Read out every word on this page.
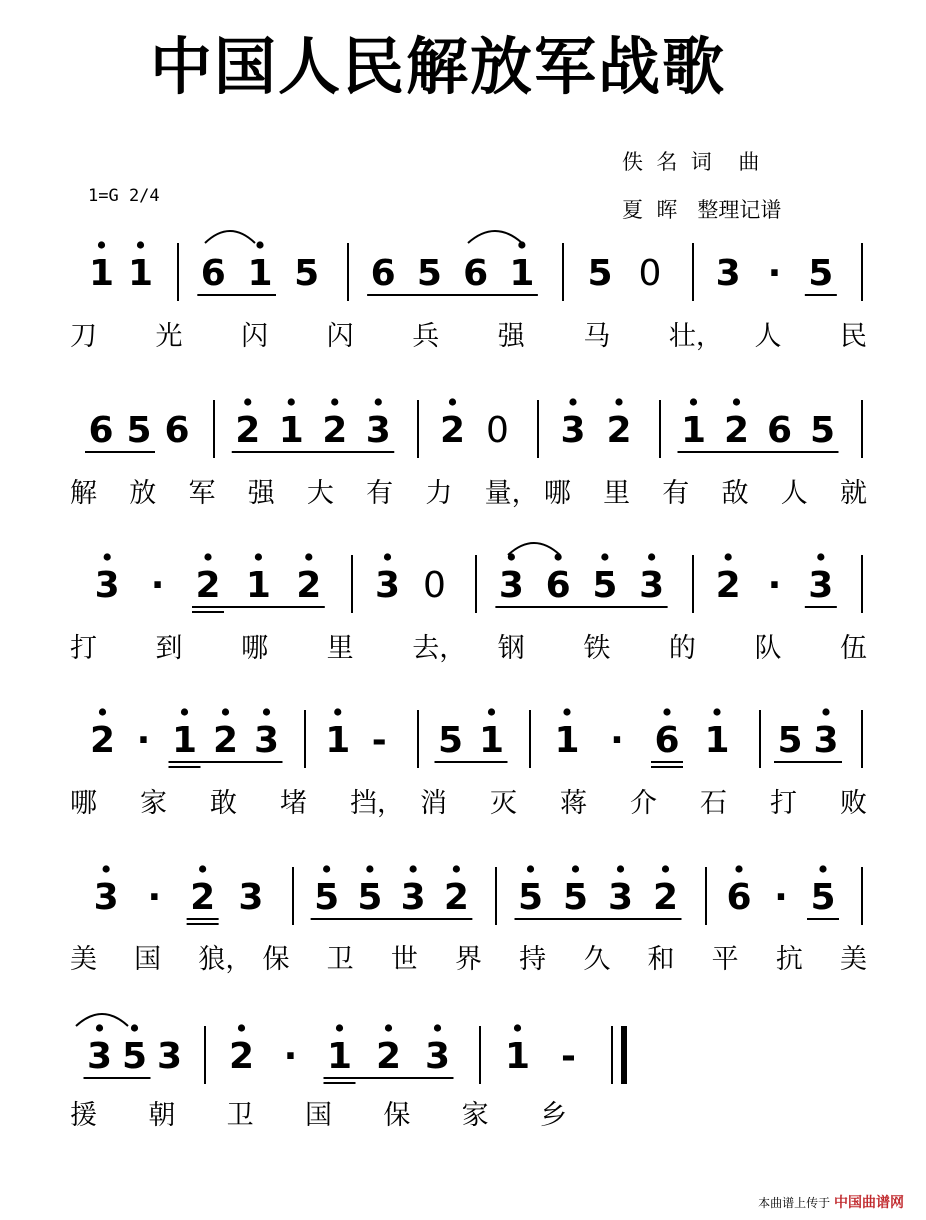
中国人民解放军战歌
佚  名  词    曲
夏  晖   整理记谱
1=G 2/4
1 1 6 1 5 6 5 6 1 5 0 3 · 5
刀 光 闪 闪 兵 强 马 壮， 人 民
6 5 6 2 1 2 3 2 0 3 2 1 2 6 5
解 放 军 强 大 有 力 量， 哪 里 有 敌 人 就
3 · 2 1 2 3 0 3 6 5 3 2 · 3
打 到 哪 里 去， 钢 铁 的 队 伍
2 · 1 2 3 1 - 5 1 1 · 6 1 5 3
哪 家 敢 堵 挡， 消 灭 蒋 介 石 打 败
3 · 2 3 5 5 3 2 5 5 3 2 6 · 5
美 国 狼， 保 卫 世 界 持 久 和 平 抗 美
3 5 3 2 · 1 2 3 1 -
援 朝 卫 国 保 家 乡
本曲谱上传于 中国曲谱网
